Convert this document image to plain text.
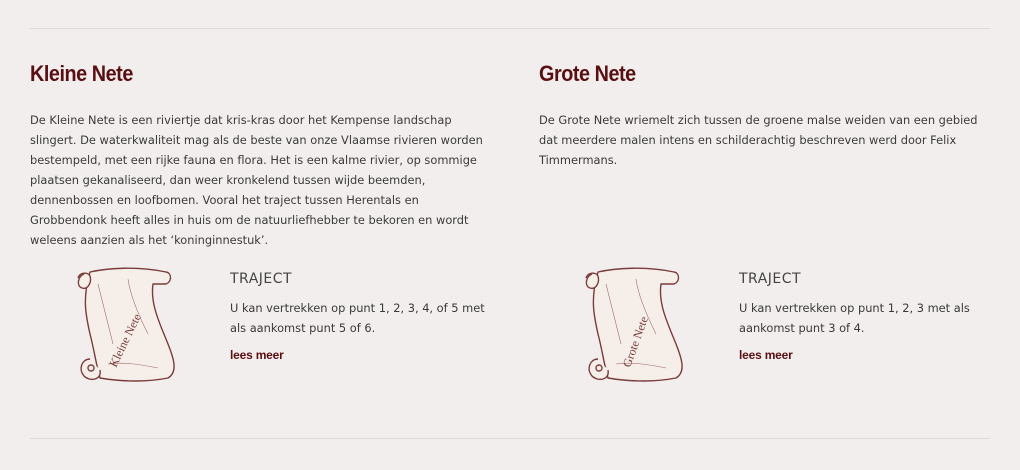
Kleine Nete

De Kleine Nete is een riviertje dat kris-kras door het Kempense landschap slingert. De waterkwaliteit mag als de beste van onze Vlaamse rivieren worden bestempeld, met een rijke fauna en flora. Het is een kalme rivier, op sommige plaatsen gekanaliseerd, dan weer kronkelend tussen wijde beemden, dennenbossen en loofbomen. Vooral het traject tussen Herentals en Grobbendonk heeft alles in huis om de natuurliefhebber te bekoren en wordt weleens aanzien als het ‘koninginnestuk’.

Kleine Nete
TRAJECT
U kan vertrekken op punt 1, 2, 3, 4, of 5 met als aankomst punt 5 of 6.
lees meer
Grote Nete

De Grote Nete wriemelt zich tussen de groene malse weiden van een gebied dat meerdere malen intens en schilderachtig beschreven werd door Felix Timmermans.

Grote Nete
TRAJECT
U kan vertrekken op punt 1, 2, 3 met als aankomst punt 3 of 4.
lees meer
